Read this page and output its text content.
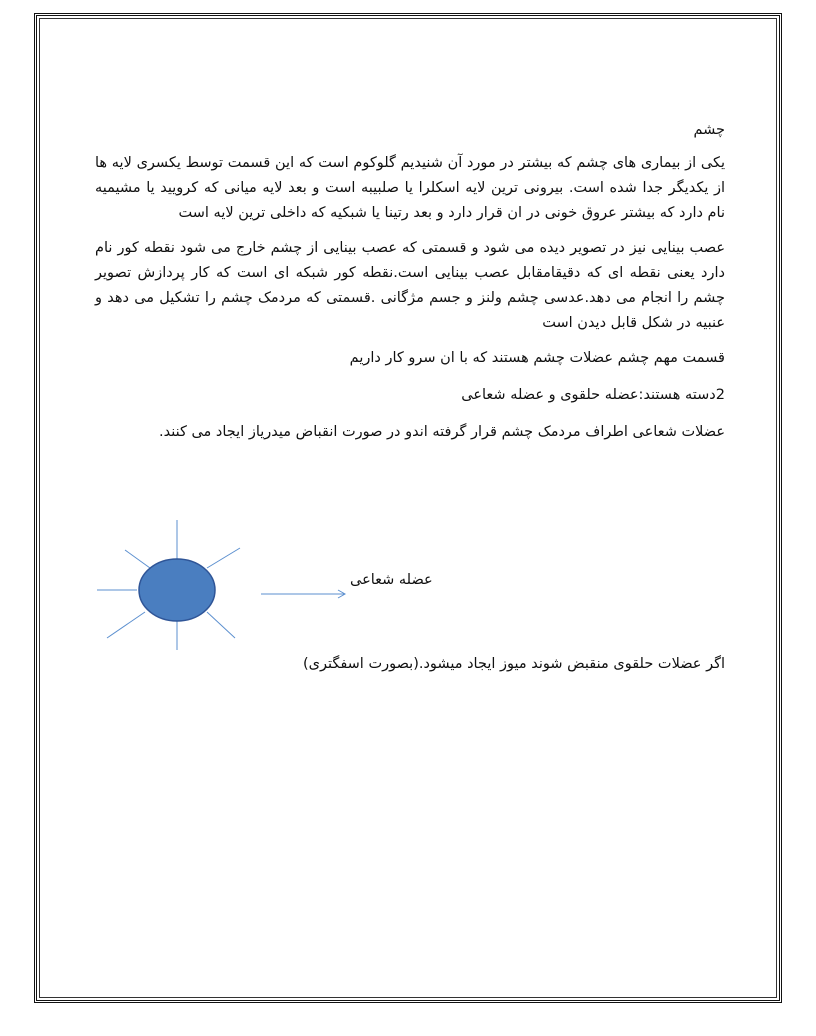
چشم

یکی از بیماری های چشم که بیشتر در مورد آن شنیدیم گلوکوم است که این قسمت توسط یکسری لایه ها از یکدیگر جدا شده است. بیرونی ترین لایه اسکلرا یا صلبیبه است و بعد لایه میانی که کرویید یا مشیمیه نام دارد که بیشتر عروق خونی در ان قرار دارد و بعد رتینا یا شبکیه که داخلی ترین لایه است

عصب بینایی نیز در تصویر دیده می شود و قسمتی که عصب بینایی از چشم خارج می شود نقطه کور نام دارد یعنی نقطه ای که دقیقامقابل عصب بینایی است.نقطه کور شبکه ای است که کار پردازش تصویر چشم را انجام می دهد.عدسی چشم ولنز و جسم مژگانی .قسمتی که مردمک چشم را تشکیل می دهد و عنبیه در شکل قابل دیدن است

قسمت مهم چشم عضلات چشم هستند که با ان سرو کار داریم

2دسته هستند:عضله حلقوی و عضله شعاعی

عضلات شعاعی اطراف مردمک چشم قرار گرفته اندو در صورت انقباض میدریاز ایجاد می کنند.

عضله شعاعی
اگر عضلات حلقوی منقبض شوند میوز ایجاد میشود.(بصورت اسفگتری)
